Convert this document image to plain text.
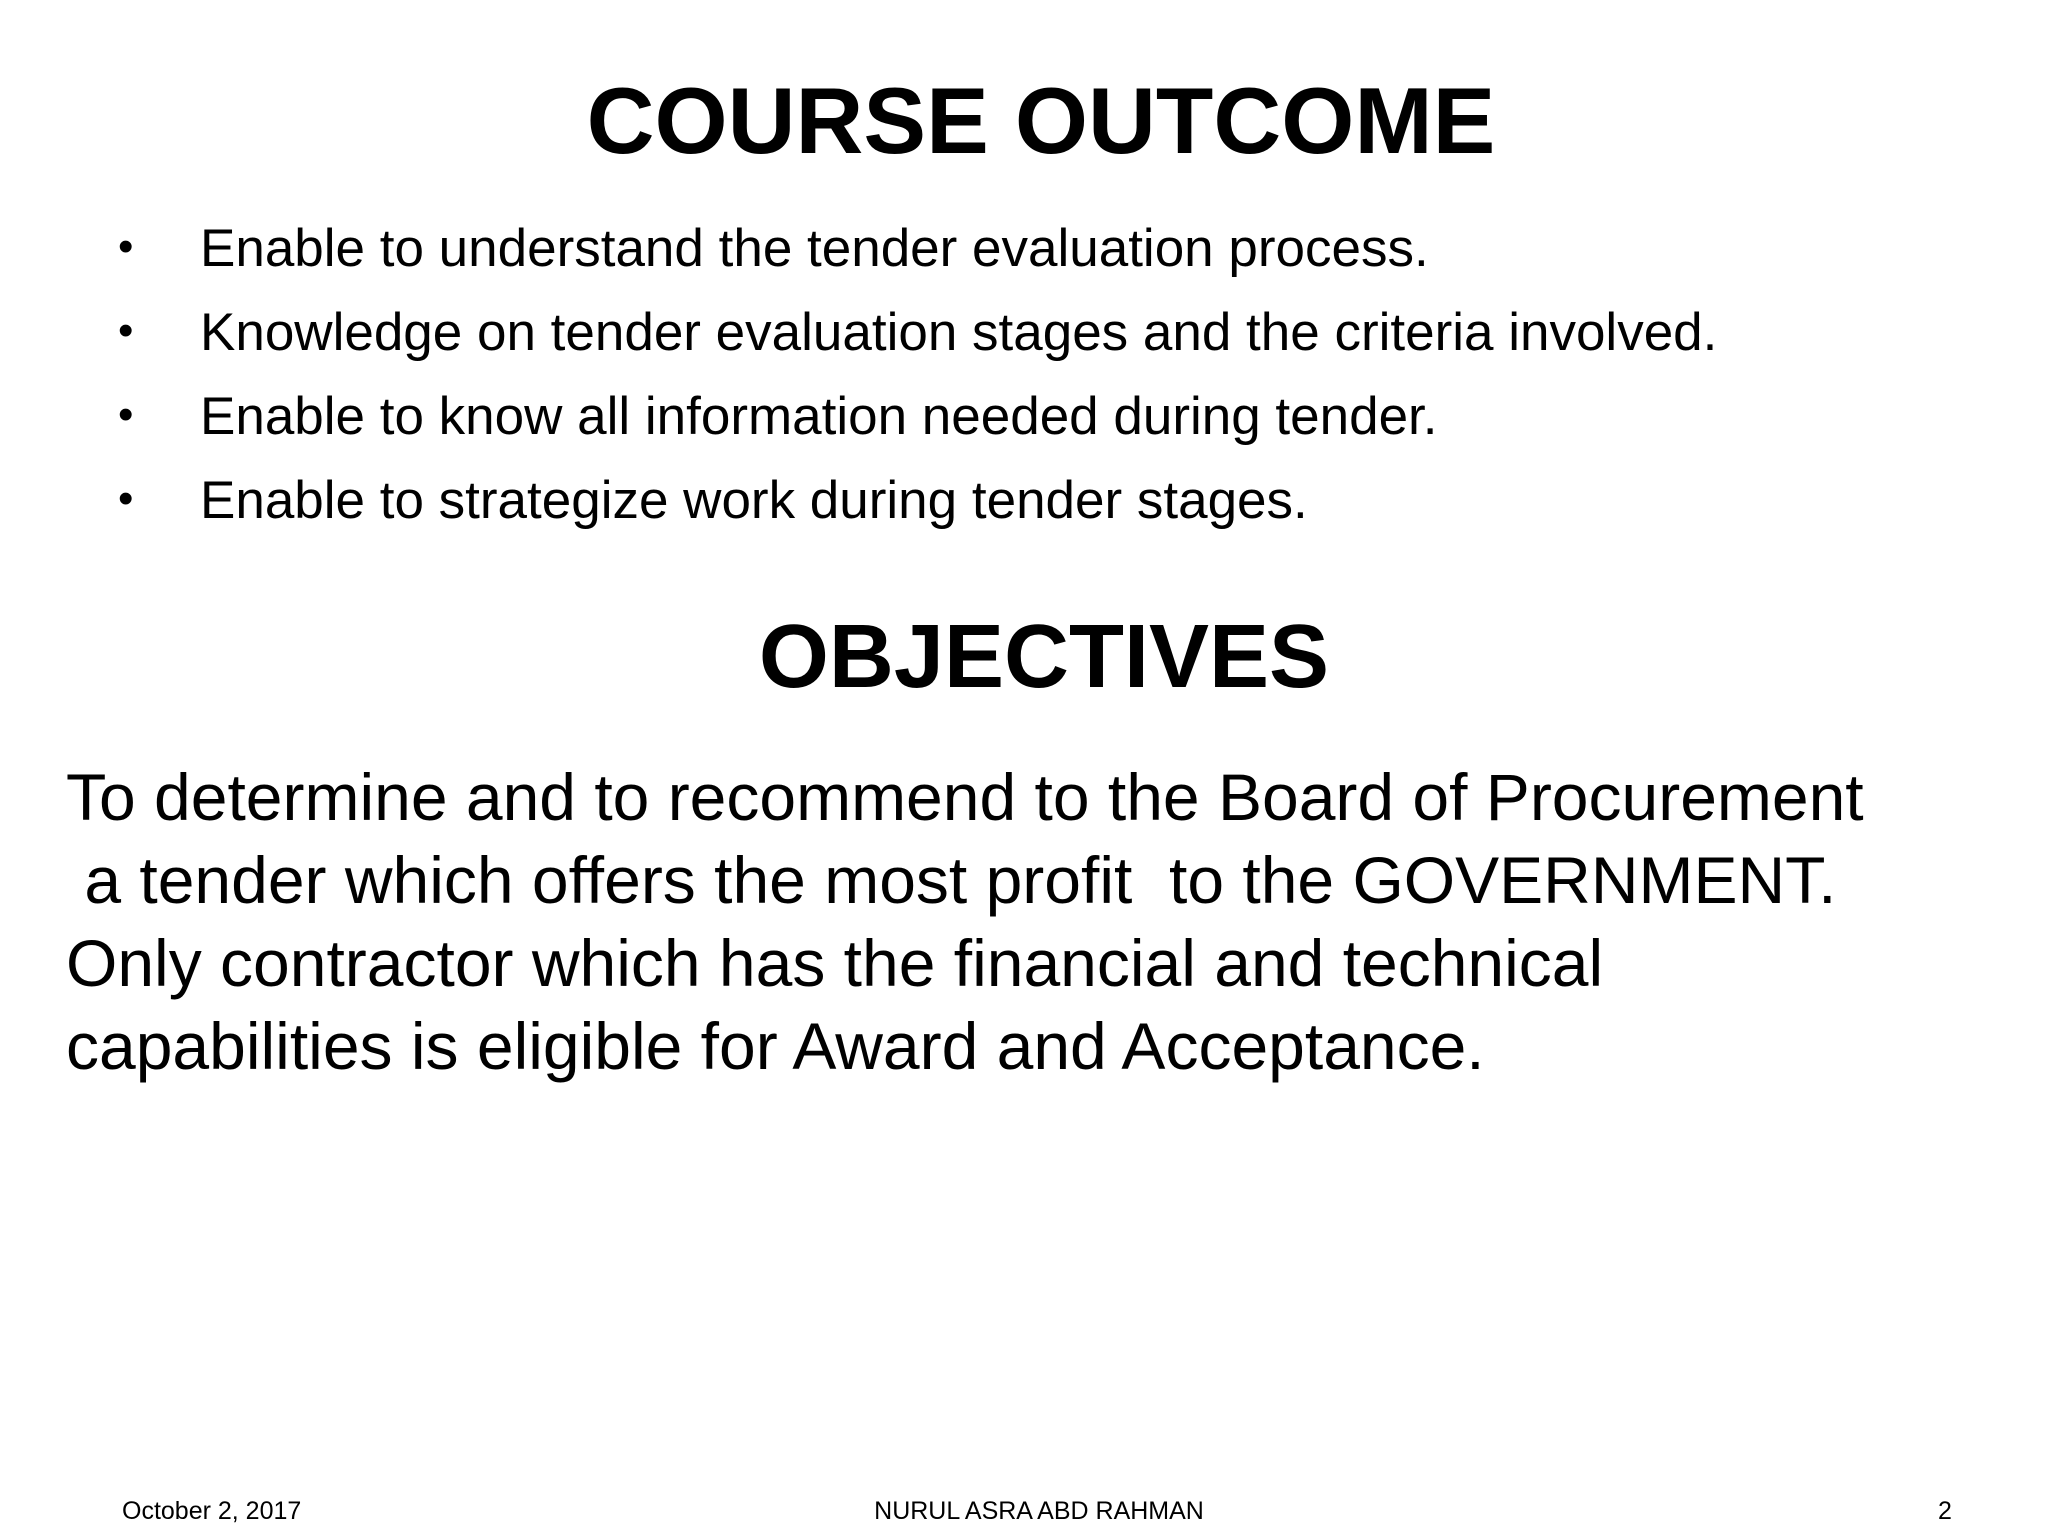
COURSE OUTCOME
•	Enable to understand the tender evaluation process.
•	Knowledge on tender evaluation stages and the criteria involved.
•	Enable to know all information needed during tender.
•	Enable to strategize work during tender stages.
OBJECTIVES

To determine and to recommend to the Board of Procurement
a tender which offers the most profit  to the GOVERNMENT.
Only contractor which has the financial and technical
capabilities is eligible for Award and Acceptance.

October 2, 2017	NURUL ASRA ABD RAHMAN	2
